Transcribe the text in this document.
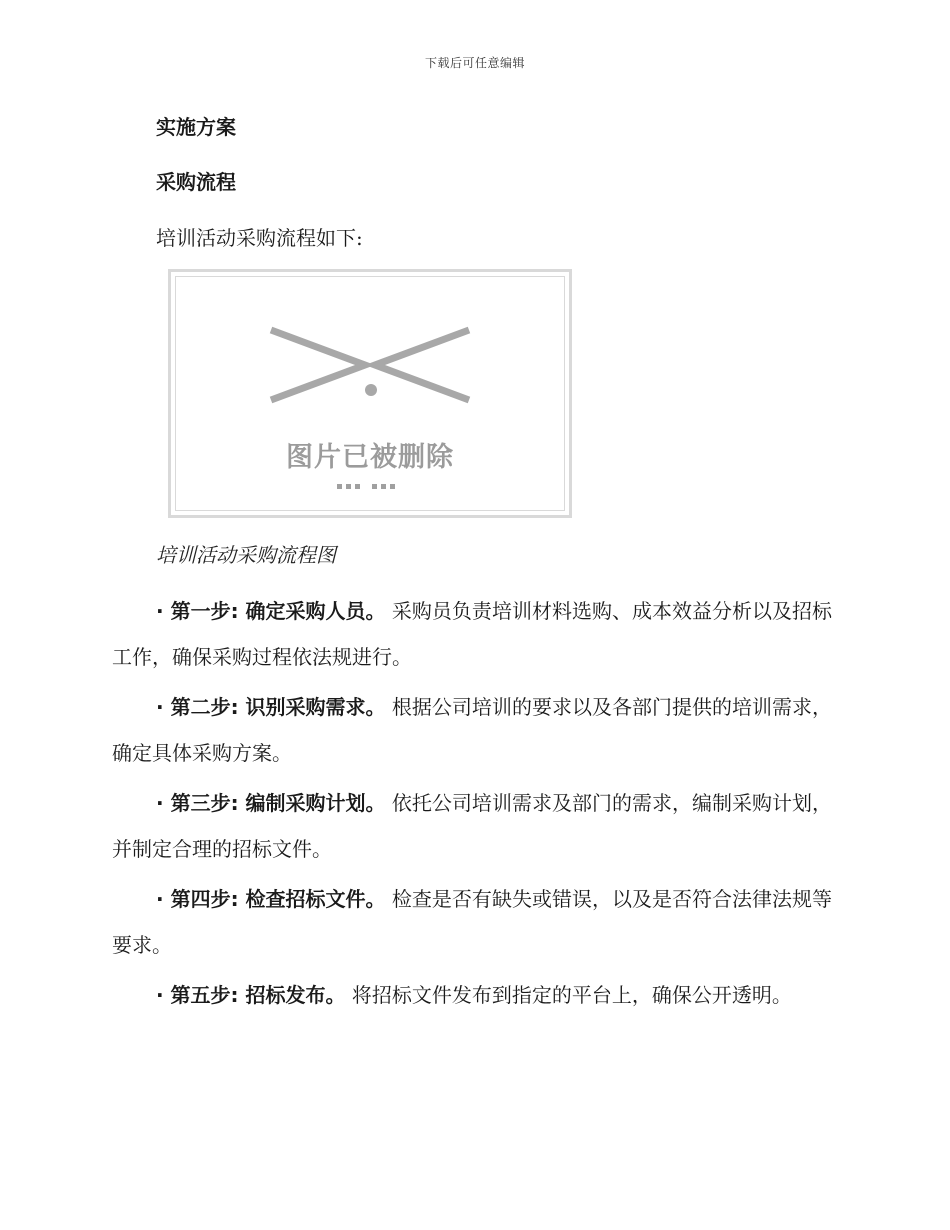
下载后可任意编辑

实施方案

采购流程

培训活动采购流程如下:

图片已被删除

培训活动采购流程图

· 第一步: 确定采购人员。 采购员负责培训材料选购、成本效益分析以及招标工作，确保采购过程依法规进行。

· 第二步: 识别采购需求。 根据公司培训的要求以及各部门提供的培训需求，确定具体采购方案。

· 第三步: 编制采购计划。 依托公司培训需求及部门的需求，编制采购计划，并制定合理的招标文件。

· 第四步: 检查招标文件。 检查是否有缺失或错误，以及是否符合法律法规等要求。

· 第五步: 招标发布。 将招标文件发布到指定的平台上，确保公开透明。
